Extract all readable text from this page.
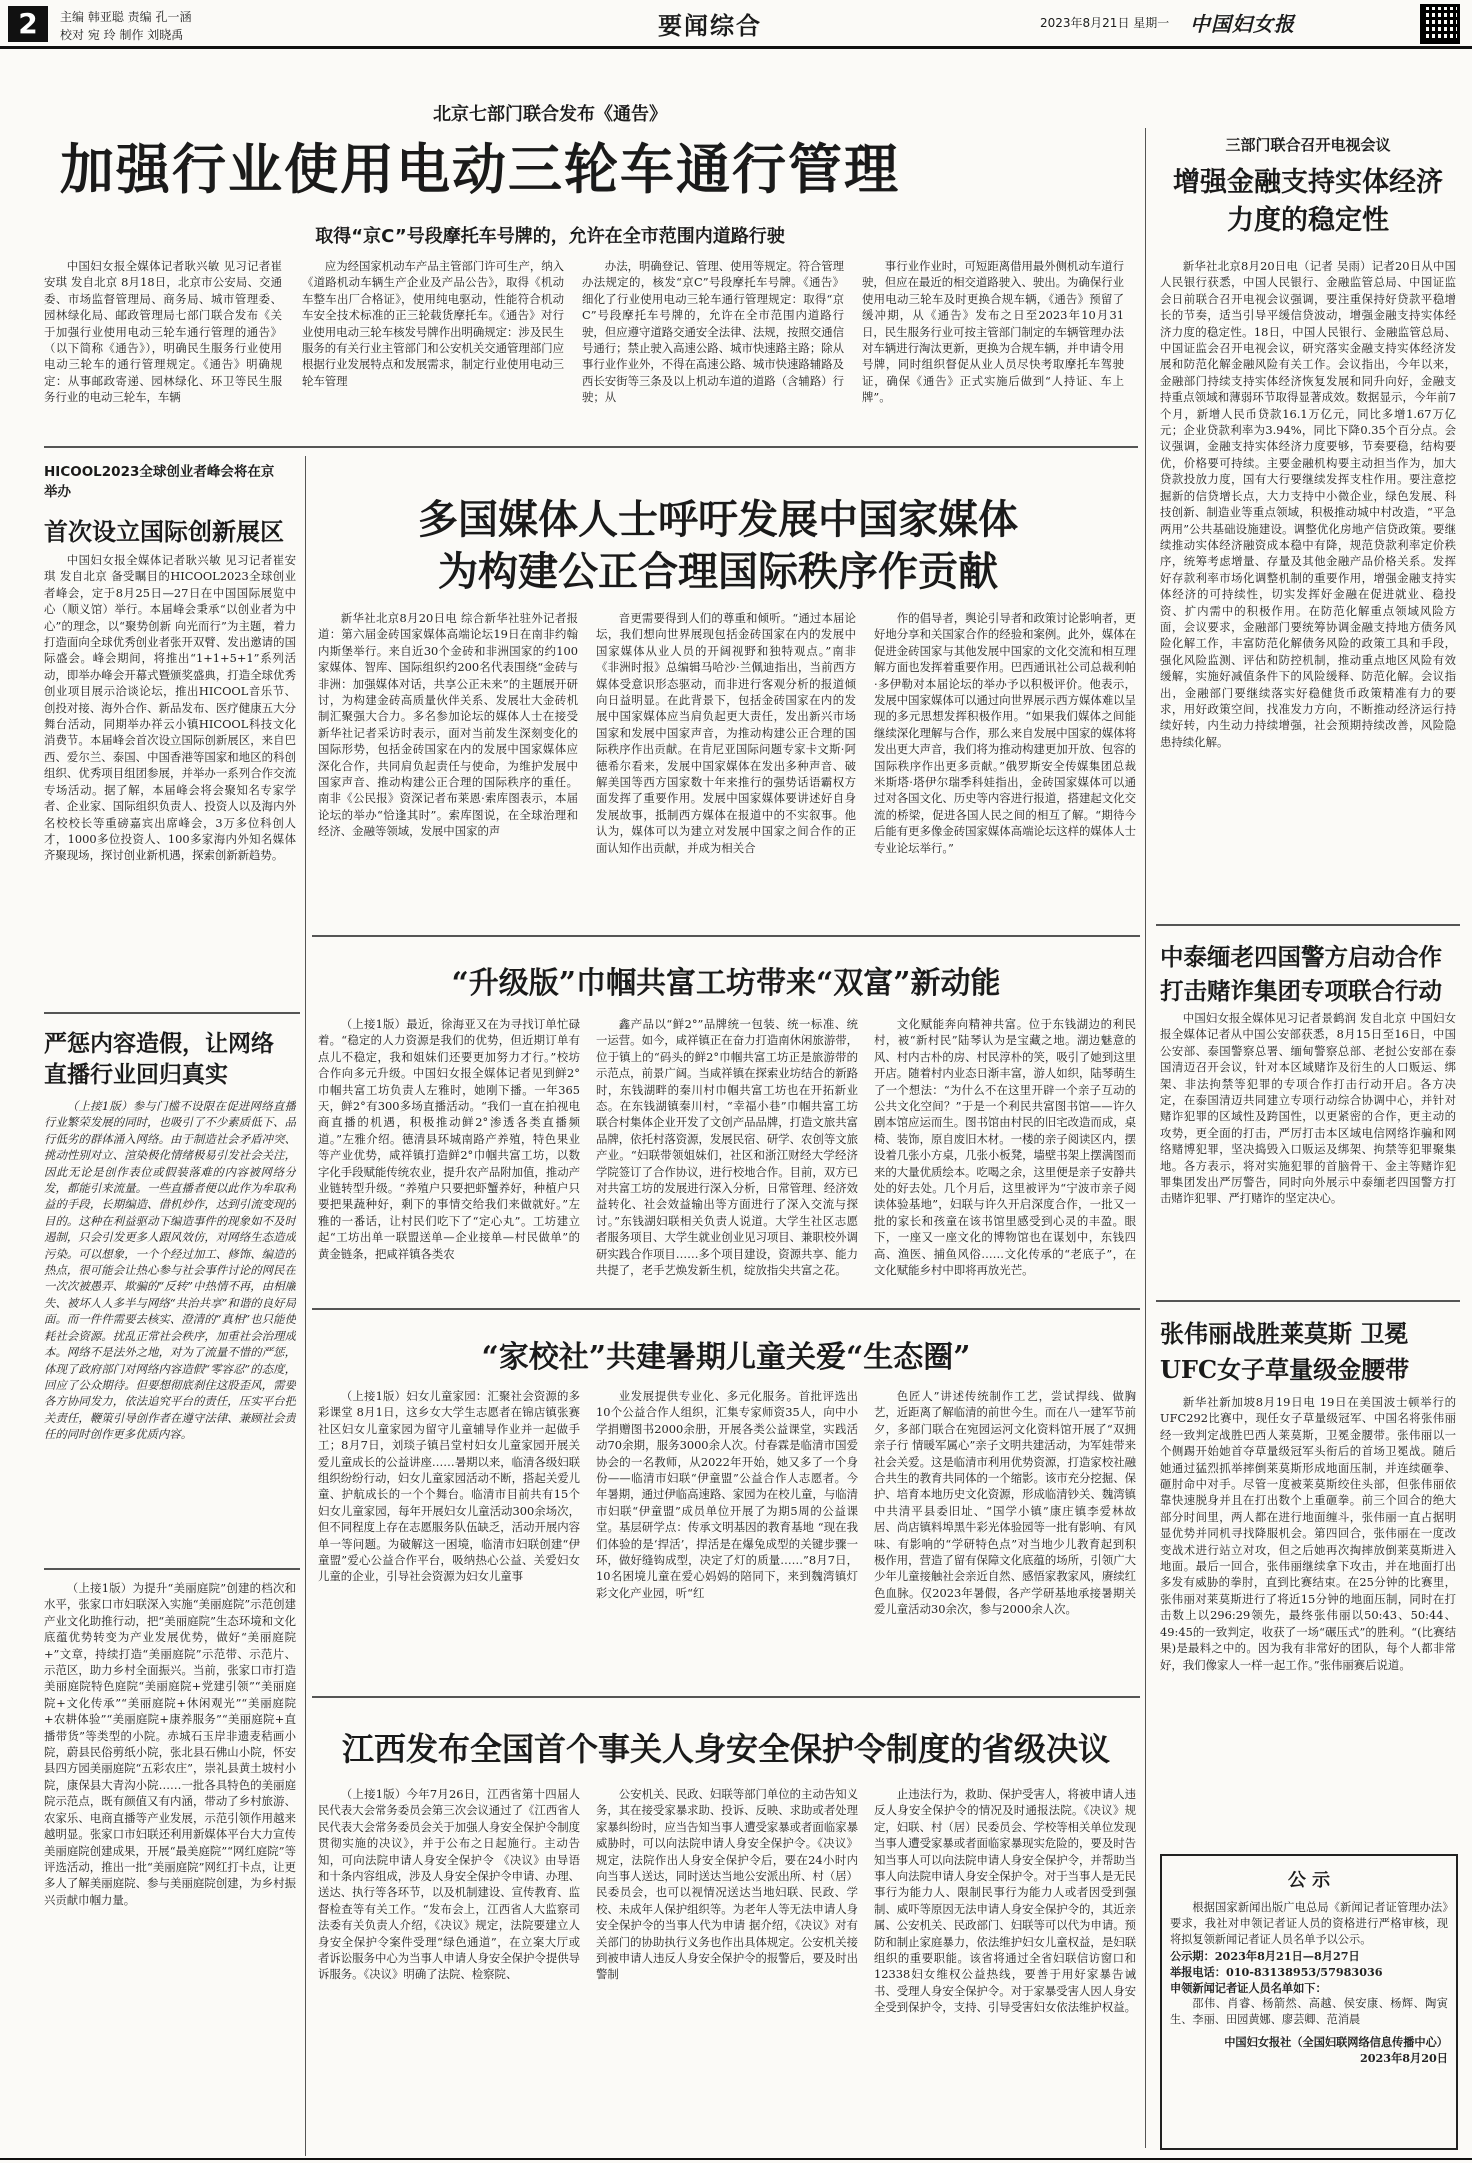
2	主编 韩亚聪 责编 孔一涵
校对 宛 玲 制作 刘晓禹	要闻综合	2023年8月21日 星期一 中国妇女报
北京七部门联合发布《通告》
加强行业使用电动三轮车通行管理
取得“京C”号段摩托车号牌的，允许在全市范围内道路行驶

中国妇女报全媒体记者耿兴敏 见习记者崔安琪 发自北京 8月18日，北京市公安局、交通委、市场监督管理局、商务局、城市管理委、园林绿化局、邮政管理局七部门联合发布《关于加强行业使用电动三轮车通行管理的通告》（以下简称《通告》），明确民生服务行业使用电动三轮车的通行管理规定。《通告》明确规定：从事邮政寄递、园林绿化、环卫等民生服务行业的电动三轮车，车辆

应为经国家机动车产品主管部门许可生产，纳入《道路机动车辆生产企业及产品公告》，取得《机动车整车出厂合格证》，使用纯电驱动，性能符合机动车安全技术标准的正三轮载货摩托车。《通告》对行业使用电动三轮车核发号牌作出明确规定：涉及民生服务的有关行业主管部门和公安机关交通管理部门应根据行业发展特点和发展需求，制定行业使用电动三轮车管理

办法，明确登记、管理、使用等规定。符合管理办法规定的，核发“京C”号段摩托车号牌。《通告》细化了行业使用电动三轮车通行管理规定：取得“京C”号段摩托车号牌的，允许在全市范围内道路行驶，但应遵守道路交通安全法律、法规，按照交通信号通行；禁止驶入高速公路、城市快速路主路；除从事行业作业外，不得在高速公路、城市快速路辅路及西长安街等三条及以上机动车道的道路（含辅路）行驶；从

事行业作业时，可短距离借用最外侧机动车道行驶，但应在最近的相交道路驶入、驶出。为确保行业使用电动三轮车及时更换合规车辆，《通告》预留了缓冲期，从《通告》发布之日至2023年10月31日，民生服务行业可按主管部门制定的车辆管理办法对车辆进行淘汰更新，更换为合规车辆，并申请令用号牌，同时组织督促从业人员尽快考取摩托车驾驶证，确保《通告》正式实施后做到“人持证、车上牌”。

HICOOL2023全球创业者峰会将在京举办
首次设立国际创新展区

中国妇女报全媒体记者耿兴敏 见习记者崔安琪 发自北京 备受瞩目的HICOOL2023全球创业者峰会，定于8月25日—27日在中国国际展览中心（顺义馆）举行。本届峰会秉承“以创业者为中心”的理念，以“聚势创新 向光而行”为主题，着力打造面向全球优秀创业者张开双臂、发出邀请的国际盛会。峰会期间，将推出“1+1+5+1”系列活动，即举办峰会开幕式暨颁奖盛典，打造全球优秀创业项目展示洽谈论坛，推出HICOOL音乐节、创投对接、海外合作、新品发布、医疗健康五大分舞台活动，同期举办祥云小镇HICOOL科技文化消费节。本届峰会首次设立国际创新展区，来自巴西、爱尔兰、泰国、中国香港等国家和地区的科创组织、优秀项目组团参展，并举办一系列合作交流专场活动。据了解，本届峰会将会聚知名专家学者、企业家、国际组织负责人、投资人以及海内外名校校长等重磅嘉宾出席峰会，3万多位科创人才，1000多位投资人、100多家海内外知名媒体齐聚现场，探讨创业新机遇，探索创新新趋势。

多国媒体人士呼吁发展中国家媒体
为构建公正合理国际秩序作贡献

新华社北京8月20日电 综合新华社驻外记者报道：第六届金砖国家媒体高端论坛19日在南非约翰内斯堡举行。来自近30个金砖和非洲国家的约100家媒体、智库、国际组织约200名代表围绕“金砖与非洲：加强媒体对话，共享公正未来”的主题展开研讨，为构建金砖高质量伙伴关系、发展壮大金砖机制汇聚强大合力。多名参加论坛的媒体人士在接受新华社记者采访时表示，面对当前发生深刻变化的国际形势，包括金砖国家在内的发展中国家媒体应深化合作，共同肩负起责任与使命，为维护发展中国家声音、推动构建公正合理的国际秩序的重任。南非《公民报》资深记者布莱恩·索库图表示，本届论坛的举办“恰逢其时”。索库图说，在全球治理和经济、金融等领域，发展中国家的声

音更需要得到人们的尊重和倾听。“通过本届论坛，我们想向世界展现包括金砖国家在内的发展中国家媒体从业人员的开阔视野和独特观点。”南非《非洲时报》总编辑马哈沙·兰佩迪指出，当前西方媒体受意识形态驱动，而非进行客观分析的报道倾向日益明显。在此背景下，包括金砖国家在内的发展中国家媒体应当肩负起更大责任，发出新兴市场国家和发展中国家声音，为推动构建公正合理的国际秩序作出贡献。在肯尼亚国际问题专家卡文斯·阿德希尔看来，发展中国家媒体在发出多种声音、破解美国等西方国家数十年来推行的强势话语霸权方面发挥了重要作用。发展中国家媒体要讲述好自身发展故事，抵制西方媒体在报道中的不实叙事。他认为，媒体可以为建立对发展中国家之间合作的正面认知作出贡献，并成为相关合

作的倡导者，舆论引导者和政策讨论影响者，更好地分享和关国家合作的经验和案例。此外，媒体在促进金砖国家与其他发展中国家的文化交流和相互理解方面也发挥着重要作用。巴西通讯社公司总裁利帕·多伊勒对本届论坛的举办予以积极评价。他表示，发展中国家媒体可以通过向世界展示西方媒体难以呈现的多元思想发挥积极作用。“如果我们媒体之间能继续深化理解与合作，那么来自发展中国家的媒体将发出更大声音，我们将为推动构建更加开放、包容的国际秩序作出更多贡献。”俄罗斯安全传媒集团总裁米斯塔·塔伊尔瑞季科娃指出，金砖国家媒体可以通过对各国文化、历史等内容进行报道，搭建起文化交流的桥梁，促进各国人民之间的相互了解。“期待今后能有更多像金砖国家媒体高端论坛这样的媒体人士专业论坛举行。”

“升级版”巾帼共富工坊带来“双富”新动能

（上接1版）最近，徐海亚又在为寻找订单忙碌着。“稳定的人力资源是我们的优势，但近期订单有点儿不稳定，我和姐妹们还要更加努力才行。”校坊合作向多元升级。中国妇女报全媒体记者见到鲜2°巾帼共富工坊负责人左雅时，她刚下播。一年365天，鲜2°有300多场直播活动。“我们一直在拍视电商直播的机遇，积极推动鲜2°渗透各类直播频道。”左雅介绍。德清县环城南路产养殖，特色果业等产业优势，咸祥镇打造鲜2°巾帼共富工坊，以数字化手段赋能传统农业，提升农产品附加值，推动产业链转型升级。“养殖户只要把虾蟹养好，种植户只要把果蔬种好，剩下的事情交给我们来做就好。”左雅的一番话，让村民们吃下了“定心丸”。工坊建立起“工坊出单一联盟送单—企业接单—村民做单”的黄金链条，把咸祥镇各类农

鑫产品以“鲜2°”品牌统一包装、统一标准、统一运营。如今，咸祥镇正在奋力打造南休闲旅游带，位于镇上的“码头的鲜2°巾帼共富工坊正是旅游带的示范点，前景广阔。当咸祥镇在探索业坊结合的新路时，东钱湖畔的秦川村巾帼共富工坊也在开拓新业态。在东钱湖镇秦川村，“幸福小巷”巾帼共富工坊联合村集体企业开发了文创产品品牌，打造文旅共富品牌，依托村落资源，发展民宿、研学、农创等文旅产业。“妇联带领姐妹们，社区和浙江财经大学经济学院签订了合作协议，进行校地合作。目前，双方已对共富工坊的发展进行深入分析，日常管理、经济效益转化、社会效益输出等方面进行了深入交流与探讨。”东钱湖妇联相关负责人说道。大学生社区志愿者服务项目、大学生就业创业见习项目、兼职校外调研实践合作项目……多个项目建设，资源共享、能力共提了，老手艺焕发新生机，绽放指尖共富之花。

文化赋能奔向精神共富。位于东钱湖边的利民村，被“新村民”陆琴认为是宝藏之地。湖边魅意的风、村内古朴的房、村民淳朴的笑，吸引了她到这里开店。随着村内业态日渐丰富，游人如织，陆琴萌生了一个想法：“为什么不在这里开辟一个亲子互动的公共文化空间？”于是一个利民共富图书馆——许久剧本馆应运而生。图书馆由村民的旧宅改造而成，桌椅、装饰，原自废旧木材。一楼的亲子阅读区内，摆设着几张小方桌，几张小板凳，墙壁书架上摆满图而来的大量优质绘本。吃喝之余，这里便是亲子安静共处的好去处。几个月后，这里被评为“宁波市亲子阅读体验基地”，妇联与许久开启深度合作，一批又一批的家长和孩童在该书馆里感受到心灵的丰盈。眼下，一座又一座文化的博物馆也在谋划中，东钱四高、渔医、捕鱼风俗……文化传承的“老底子”，在文化赋能乡村中即将再放光芒。

“家校社”共建暑期儿童关爱“生态圈”

（上接1版）妇女儿童家园：汇聚社会资源的多彩课堂 8月1日，这乡女大学生志愿者在锦店镇张赛社区妇女儿童家园为留守儿童辅导作业并一起做手工；8月7日，刘琰子镇吕堂村妇女儿童家园开展关爱儿童成长的公益讲座……暑期以来，临清各级妇联组织纷纷行动，妇女儿童家园活动不断，搭起关爱儿童、护航成长的一个个舞台。临清市目前共有15个妇女儿童家园，每年开展妇女儿童活动300余场次，但不同程度上存在志愿服务队伍缺乏，活动开展内容单一等问题。为破解这一困境，临清市妇联创建“伊童盟”爱心公益合作平台，吸纳热心公益、关爱妇女儿童的企业，引导社会资源为妇女儿童事

业发展提供专业化、多元化服务。首批评选出10个公益合作人组织，汇集专家师资35人，向中小学捐赠图书2000余册，开展各类公益课堂，实践活动70余期，服务3000余人次。付春霖是临清市国爱协会的一名教师，从2022年开始，她又多了一个身份——临清市妇联“伊童盟”公益合作人志愿者。今年暑期，通过伊临高速路、家园为在校儿童，与临清市妇联“伊童盟”成员单位开展了为期5周的公益课堂。基层研学点：传承文明基因的教育基地 “现在我们体验的是‘捍活’，捍活是在爆兔成型的关键步骤一环，做好缝钩成型，决定了灯的质量……”8月7日，10名困境儿童在爱心妈妈的陪同下，来到魏湾镇灯彩文化产业园，听“红

色匠人”讲述传统制作工艺，尝试捍线、做胸艺，近距离了解临清的前世今生。而在八一建军节前夕，多部门联合在宛园运河文化资料馆开展了“双拥亲子行 情暖军属心”亲子文明共建活动，为军娃带来社会关爱。这是临清市利用优势资源，打造家校社融合共生的教育共同体的一个缩影。该市充分挖掘、保护、培育本地历史文化资源，形成临清钞关、魏湾镇中共清平县委旧址、“国学小镇”康庄镇李爱林故居、尚店镇料埠黑牛彩光体验园等一批有影响、有风味、有影响的“学研特色点”对当地少儿教育起到积极作用，营造了留有保障文化底蕴的场所，引领广大少年儿童接触社会亲近自然、感悟家教家风，赓续红色血脉。仅2023年暑假，各产学研基地承接暑期关爱儿童活动30余次，参与2000余人次。

江西发布全国首个事关人身安全保护令制度的省级决议

（上接1版）今年7月26日，江西省第十四届人民代表大会常务委员会第三次会议通过了《江西省人民代表大会常务委员会关于加强人身安全保护令制度贯彻实施的决议》，并于公布之日起施行。主动告知，可向法院申请人身安全保护令 《决议》由导语和十条内容组成，涉及人身安全保护令申请、办理、送达、执行等各环节，以及机制建设、宣传教育、监督检查等有关工作。“发布会上，江西省人大监察司法委有关负责人介绍，《决议》规定，法院要建立人身安全保护令案件受理“绿色通道”，在立案大厅或者诉讼服务中心为当事人申请人身安全保护令提供导诉服务。《决议》明确了法院、检察院、

公安机关、民政、妇联等部门单位的主动告知义务，其在接受家暴求助、投诉、反映、求助或者处理家暴纠纷时，应当告知当事人遭受家暴或者面临家暴威胁时，可以向法院申请人身安全保护令。《决议》规定，法院作出人身安全保护令后，要在24小时内向当事人送达，同时送达当地公安派出所、村（居）民委员会，也可以视情况送达当地妇联、民政、学校、未成年人保护组织等。为老年人等无法申请人身安全保护令的当事人代为申请 据介绍，《决议》对有关部门的协助执行义务也作出具体规定。公安机关接到被申请人违反人身安全保护令的报警后，要及时出警制

止违法行为，救助、保护受害人，将被申请人违反人身安全保护令的情况及时通报法院。《决议》规定，妇联、村（居）民委员会、学校等相关单位发现当事人遭受家暴或者面临家暴现实危险的，要及时告知当事人可以向法院申请人身安全保护令，并帮助当事人向法院申请人身安全保护令。对于当事人是无民事行为能力人、限制民事行为能力人或者因受到强制、威吓等原因无法申请人身安全保护令的，其近亲属、公安机关、民政部门、妇联等可以代为申请。预防和制止家庭暴力，依法维护妇女儿童权益，是妇联组织的重要职能。该省将通过全省妇联信访窗口和12338妇女维权公益热线，要善于用好家暴告诫书、受理人身安全保护令。对于家暴受害人因人身安全受到保护令，支持、引导受害妇女依法维护权益。

严惩内容造假，让网络直播行业回归真实

（上接1版）参与门槛不设限在促进网络直播行业繁荣发展的同时，也吸引了不少素质低下、品行低劣的群体涌入网络。由于制造社会矛盾冲突、挑动性别对立、渲染极化情绪极易引发社会关注，因此无论是创作表位或假装落难的内容被网络分发，都能引来流量。一些直播者便以此作为牟取利益的手段，长期编造、借机炒作，达到引流变现的目的。这种在利益驱动下编造事件的现象如不及时遏制，只会引发更多人跟风效仿，对网络生态造成污染。可以想象，一个个经过加工、修饰、编造的热点，很可能会让热心参与社会事件讨论的网民在一次次被愚弄、欺骗的“反转”中热情不再，由相廉失、被坏人人多半与网络“共治共享”和谐的良好局面。而一件件需要去核实、澄清的“真相”也只能使耗社会资源。扰乱正常社会秩序，加重社会治理成本。网络不是法外之地，对为了流量不惜的严惩，体现了政府部门对网络内容造假“零容忍”的态度，回应了公众期待。但要想彻底刹住这股歪风，需要各方协同发力，依法追究平台的责任，压实平台把关责任，鞭策引导创作者在遵守法律、兼顾社会责任的同时创作更多优质内容。

（上接1版）为提升“美丽庭院”创建的档次和水平，张家口市妇联深入实施“美丽庭院”示范创建产业文化助推行动，把“美丽庭院”生态环境和文化底蕴优势转变为产业发展优势，做好“美丽庭院+”文章，持续打造“美丽庭院”示范带、示范片、示范区，助力乡村全面振兴。当前，张家口市打造美丽庭院特色庭院“美丽庭院+党建引领”“美丽庭院+文化传承”“美丽庭院+休闲观光”“美丽庭院+农耕体验”“美丽庭院+康养服务”“美丽庭院+直播带货”等类型的小院。赤城石玉岸非遗麦秸画小院，蔚县民俗剪纸小院，张北县石佛山小院，怀安县四方园美丽庭院“五彩农庄”，崇礼县黄土坡村小院，康保县大青沟小院……一批各具特色的美丽庭院示范点，既有颜值又有内涵，带动了乡村旅游、农家乐、电商直播等产业发展，示范引领作用越来越明显。张家口市妇联还利用新媒体平台大力宣传美丽庭院创建成果，开展“最美庭院”“网红庭院”等评选活动，推出一批“美丽庭院”网红打卡点，让更多人了解美丽庭院、参与美丽庭院创建，为乡村振兴贡献巾帼力量。

三部门联合召开电视会议
增强金融支持实体经济力度的稳定性

新华社北京8月20日电（记者 吴雨）记者20日从中国人民银行获悉，中国人民银行、金融监管总局、中国证监会日前联合召开电视会议强调，要注重保持好贷款平稳增长的节奏，适当引导平缓信贷波动，增强金融支持实体经济力度的稳定性。18日，中国人民银行、金融监管总局、中国证监会召开电视会议，研究落实金融支持实体经济发展和防范化解金融风险有关工作。会议指出，今年以来，金融部门持续支持实体经济恢复发展和同升向好，金融支持重点领域和薄弱环节取得显著成效。数据显示，今年前7个月，新增人民币贷款16.1万亿元，同比多增1.67万亿元；企业贷款利率为3.94%，同比下降0.35个百分点。会议强调，金融支持实体经济力度要够，节奏要稳，结构要优，价格要可持续。主要金融机构要主动担当作为，加大贷款投放力度，国有大行要继续发挥支柱作用。要注意挖掘新的信贷增长点，大力支持中小微企业，绿色发展、科技创新、制造业等重点领域，积极推动城中村改造，“平急两用”公共基础设施建设。调整优化房地产信贷政策。要继续推动实体经济融资成本稳中有降，规范贷款利率定价秩序，统筹考虑增量、存量及其他金融产品价格关系。发挥好存款利率市场化调整机制的重要作用，增强金融支持实体经济的可持续性，切实发挥好金融在促进就业、稳投资、扩内需中的积极作用。在防范化解重点领域风险方面，会议要求，金融部门要统筹协调金融支持地方债务风险化解工作，丰富防范化解债务风险的政策工具和手段，强化风险监测、评估和防控机制，推动重点地区风险有效缓解，实施好减值条件下的风险缓释、防范化解。会议指出，金融部门要继续落实好稳健货币政策精准有力的要求，用好政策空间，找准发力方向，不断推动经济运行持续好转，内生动力持续增强，社会预期持续改善，风险隐患持续化解。

中泰缅老四国警方启动合作打击赌诈集团专项联合行动

中国妇女报全媒体见习记者景鹤润 发自北京 中国妇女报全媒体记者从中国公安部获悉，8月15日至16日，中国公安部、泰国警察总署、缅甸警察总部、老挝公安部在泰国清迈召开会议，针对本区域赌诈及衍生的人口贩运、绑架、非法拘禁等犯罪的专项合作打击行动开启。各方决定，在泰国清迈共同建立专项行动综合协调中心，并针对赌诈犯罪的区域性及跨国性，以更紧密的合作，更主动的攻势，更全面的打击，严厉打击本区域电信网络诈骗和网络赌博犯罪，坚决捣毁入口贩运及绑架、拘禁等犯罪聚集地。各方表示，将对实施犯罪的首脑骨干、金主等赌诈犯罪集团发出严厉警告，同时向外展示中泰缅老四国警方打击赌诈犯罪、严打赌诈的坚定决心。

张伟丽战胜莱莫斯 卫冕UFC女子草量级金腰带

新华社新加坡8月19日电 19日在美国波士顿举行的UFC292比赛中，现任女子草量级冠军、中国名将张伟丽经一致判定战胜巴西人莱莫斯，卫冕金腰带。张伟丽以一个侧踢开始她首夺草量级冠军头衔后的首场卫冕战。随后她通过猛烈抓举摔倒莱莫斯形成地面压制，并连续砸拳、砸肘命中对手。尽管一度被莱莫斯绞住头部，但张伟丽依靠快速脱身并且在打出数个上重砸拳。前三个回合的绝大部分时间里，两人都在进行地面缠斗，张伟丽一直占据明显优势并同机寻找降服机会。第四回合，张伟丽在一度改变战术进行站立对攻，但之后她再次掏摔放倒莱莫斯进入地面。最后一回合，张伟丽继续拿下攻击，并在地面打出多发有威胁的拳肘，直到比赛结束。在25分钟的比赛里，张伟丽对莱莫斯进行了将近15分钟的地面压制，同时在打击数上以296:29领先，最终张伟丽以50:43、50:44、49:45的一致判定，收获了一场“碾压式”的胜利。“(比赛结果)是最料之中的。因为我有非常好的团队，每个人都非常好，我们像家人一样一起工作。”张伟丽赛后说道。

公 示

根据国家新闻出版广电总局《新闻记者证管理办法》要求，我社对申领记者证人员的资格进行严格审核，现将拟复领新闻记者证人员名单予以公示。

公示期：2023年8月21日—8月27日
举报电话：010-83138953/57983036
申领新闻记者证人员名单如下：

邵伟、肖睿、杨箭然、高越、侯安康、杨辉、陶寅生、李丽、田园黄娜、廖芸卿、范消晨

中国妇女报社（全国妇联网络信息传播中心）
2023年8月20日
